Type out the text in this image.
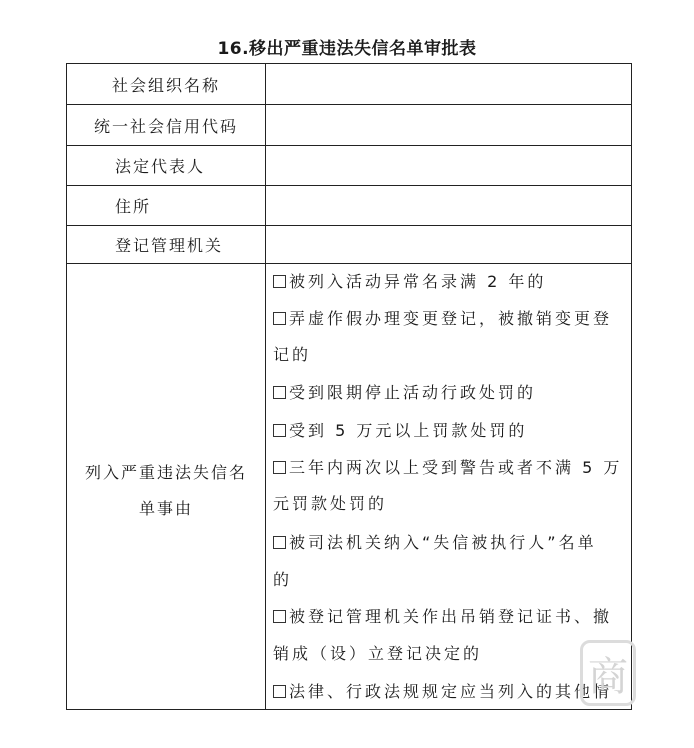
16.移出严重违法失信名单审批表
社会组织名称
统一社会信用代码
法定代表人
住所
登记管理机关
列入严重违法失信名
单事由
被列入活动异常名录满 2 年的
弄虚作假办理变更登记，被撤销变更登
记的
受到限期停止活动行政处罚的
受到 5 万元以上罚款处罚的
三年内两次以上受到警告或者不满 5 万
元罚款处罚的
被司法机关纳入“失信被执行人”名单
的
被登记管理机关作出吊销登记证书、撤
销成（设）立登记决定的
法律、行政法规规定应当列入的其他情
商
